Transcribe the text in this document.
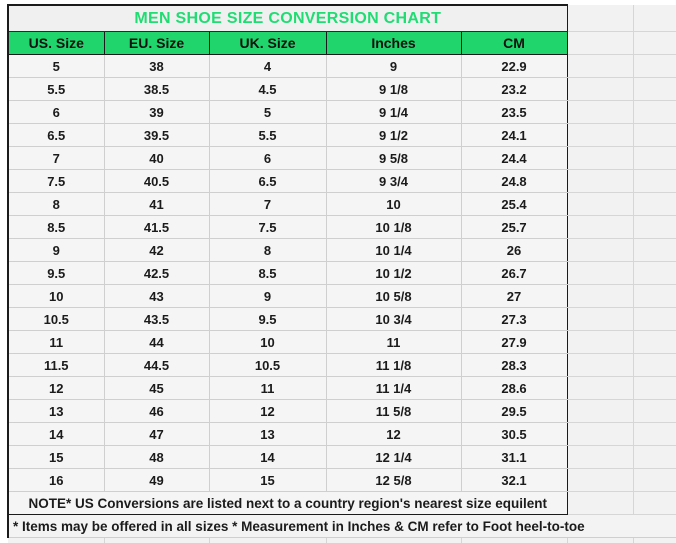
MEN SHOE SIZE CONVERSION CHART						
US. Size	EU. Size	UK. Size	Inches	CM		
5	38	4	9	22.9		
5.5	38.5	4.5	9 1/8	23.2		
6	39	5	9 1/4	23.5		
6.5	39.5	5.5	9 1/2	24.1		
7	40	6	9 5/8	24.4		
7.5	40.5	6.5	9 3/4	24.8		
8	41	7	10	25.4		
8.5	41.5	7.5	10 1/8	25.7		
9	42	8	10 1/4	26		
9.5	42.5	8.5	10 1/2	26.7		
10	43	9	10 5/8	27		
10.5	43.5	9.5	10 3/4	27.3		
11	44	10	11	27.9		
11.5	44.5	10.5	11 1/8	28.3		
12	45	11	11 1/4	28.6		
13	46	12	11 5/8	29.5		
14	47	13	12	30.5		
15	48	14	12 1/4	31.1		
16	49	15	12 5/8	32.1		
NOTE* US Conversions are listed next to a country region's nearest size equilent						
* Items may be offered in all sizes * Measurement in Inches & CM refer to Foot heel-to-toe						
